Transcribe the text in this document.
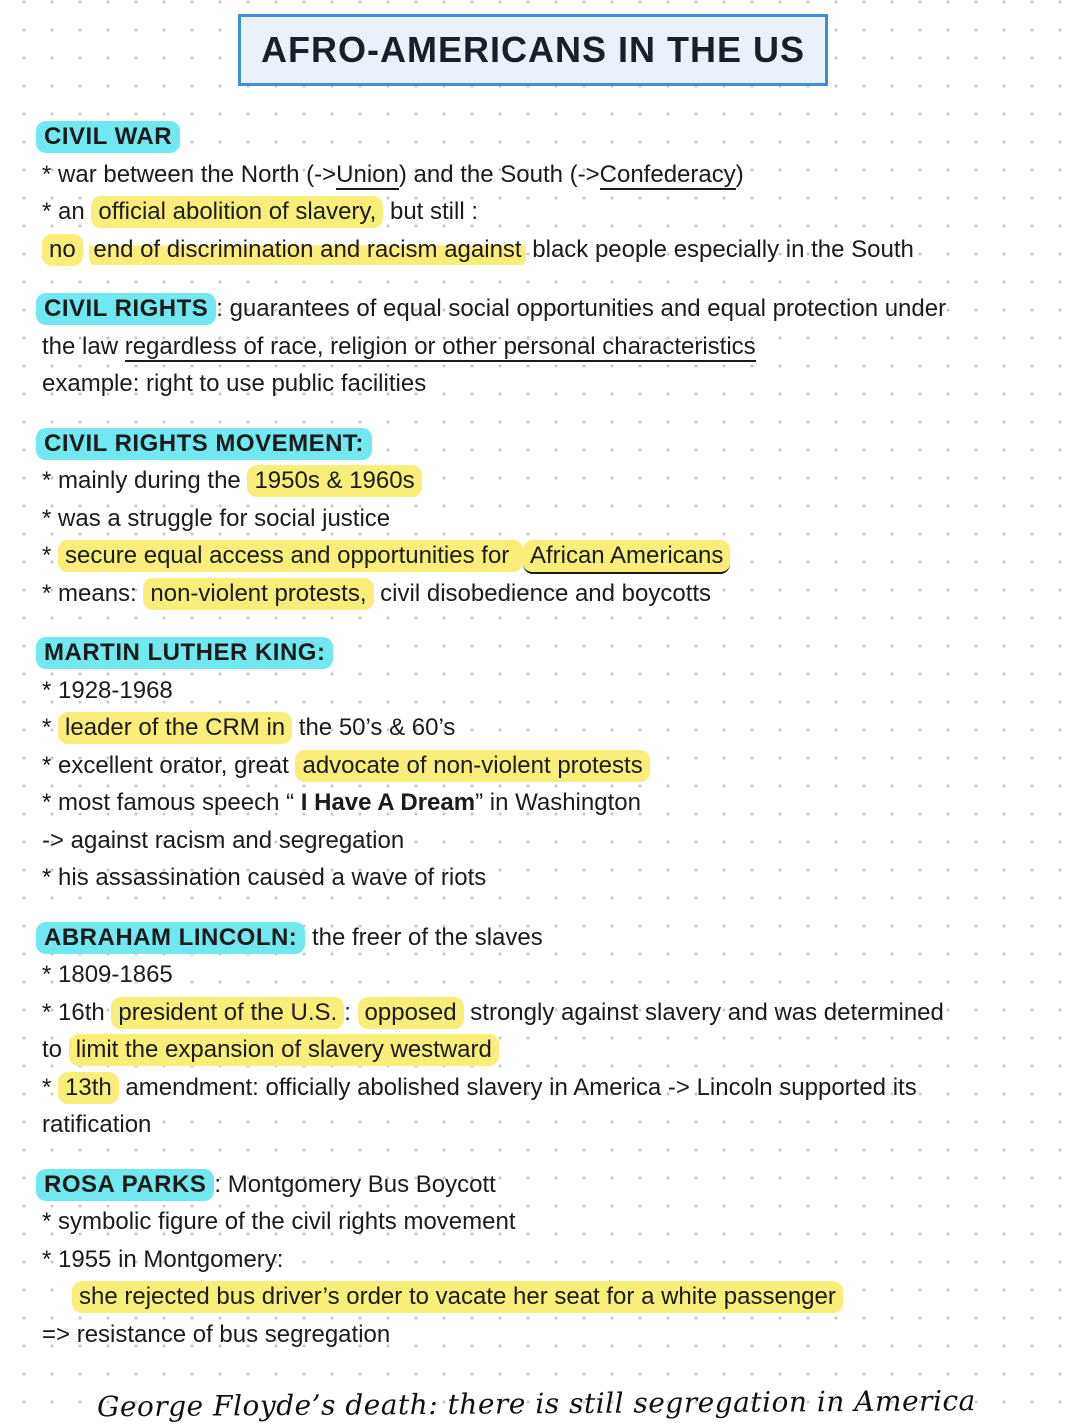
AFRO-AMERICANS IN THE US
CIVIL WAR
* war between the North (->Union) and the South (->Confederacy)
* an official abolition of slavery, but still :
no end of discrimination and racism against black people especially in the South
CIVIL RIGHTS : guarantees of equal social opportunities and equal protection under
the law regardless of race, religion or other personal characteristics
example: right to use public facilities
CIVIL RIGHTS MOVEMENT:
* mainly during the 1950s & 1960s
* was a struggle for social justice
* secure equal access and opportunities for African Americans
* means: non-violent protests, civil disobedience and boycotts
MARTIN LUTHER KING:
* 1928-1968
* leader of the CRM in the 50’s & 60’s
* excellent orator, great advocate of non-violent protests
* most famous speech “ I Have A Dream” in Washington
-> against racism and segregation
* his assassination caused a wave of riots
ABRAHAM LINCOLN: the freer of the slaves
* 1809-1865
* 16th president of the U.S. : opposed strongly against slavery and was determined
to limit the expansion of slavery westward
* 13th amendment: officially abolished slavery in America -> Lincoln supported its
ratification
ROSA PARKS : Montgomery Bus Boycott
* symbolic figure of the civil rights movement
* 1955 in Montgomery:
she rejected bus driver’s order to vacate her seat for a white passenger
=> resistance of bus segregation
George Floyde’s death: there is still segregation in America
